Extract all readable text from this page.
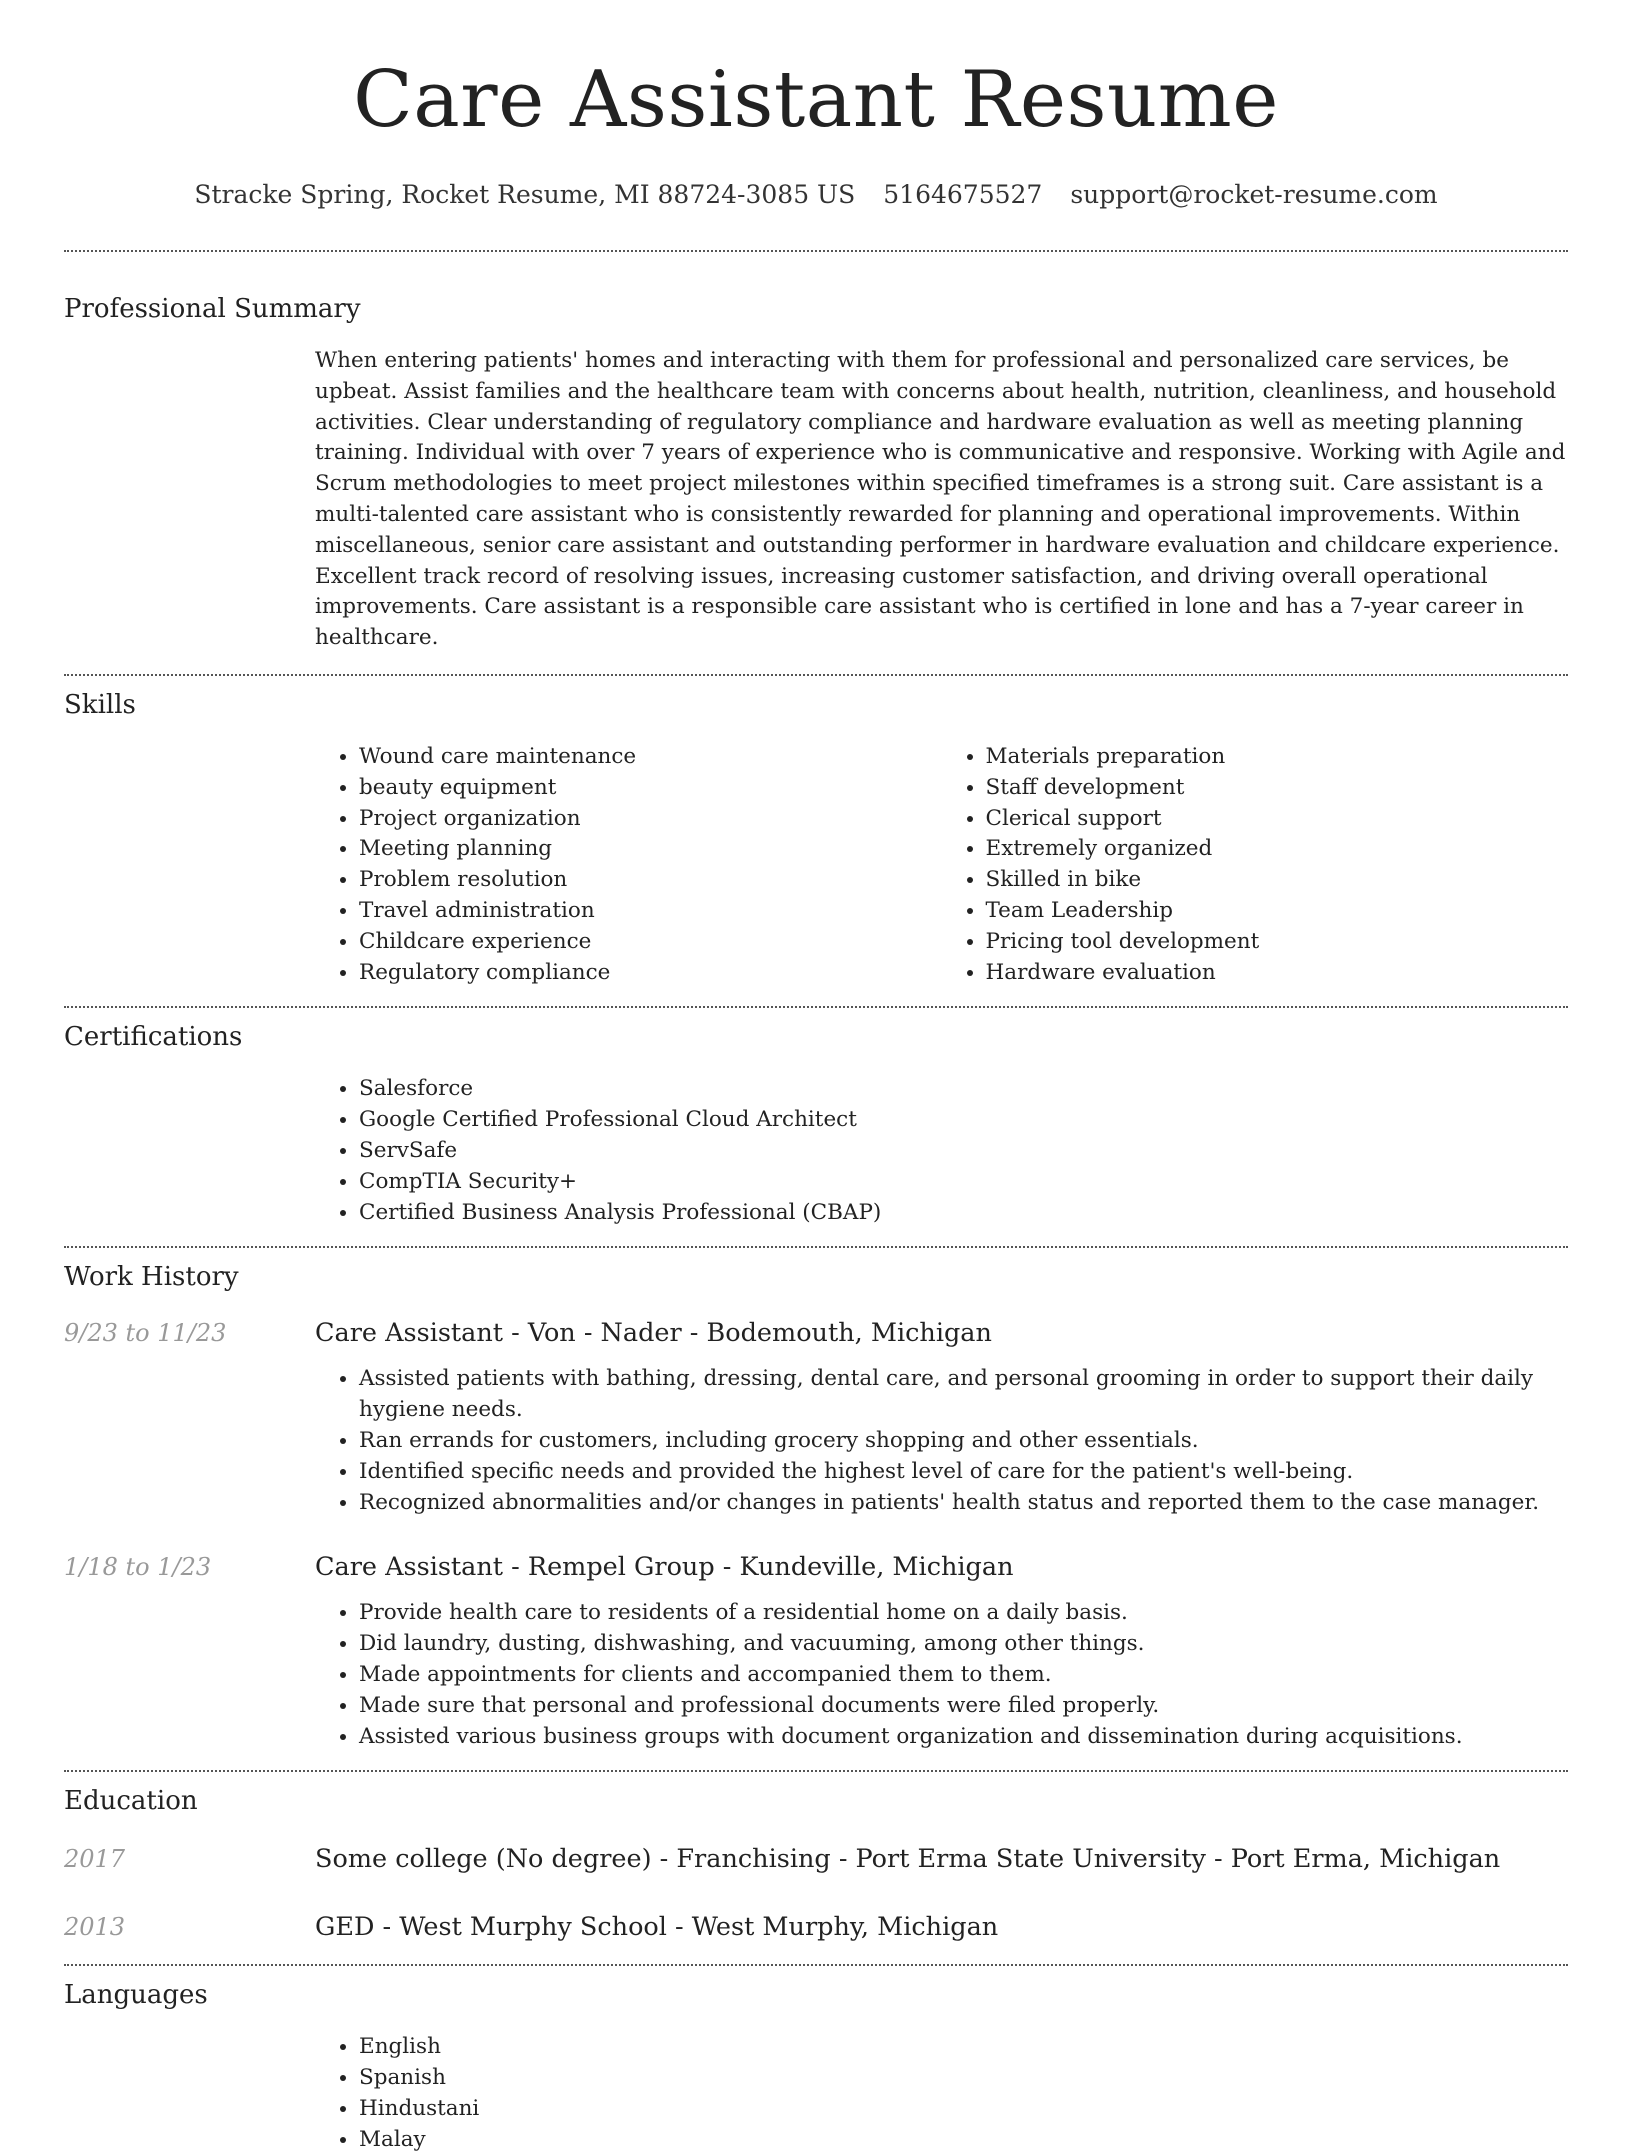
Care Assistant Resume
Stracke Spring, Rocket Resume, MI 88724-3085 US 5164675527 support@rocket-resume.com
Professional Summary

When entering patients' homes and interacting with them for professional and personalized care services, be upbeat. Assist families and the healthcare team with concerns about health, nutrition, cleanliness, and household activities. Clear understanding of regulatory compliance and hardware evaluation as well as meeting planning training. Individual with over 7 years of experience who is communicative and responsive. Working with Agile and Scrum methodologies to meet project milestones within specified timeframes is a strong suit. Care assistant is a multi-talented care assistant who is consistently rewarded for planning and operational improvements. Within miscellaneous, senior care assistant and outstanding performer in hardware evaluation and childcare experience. Excellent track record of resolving issues, increasing customer satisfaction, and driving overall operational improvements. Care assistant is a responsible care assistant who is certified in lone and has a 7-year career in healthcare.

Skills
• Wound care maintenance
• beauty equipment
• Project organization
• Meeting planning
• Problem resolution
• Travel administration
• Childcare experience
• Regulatory compliance
• Materials preparation
• Staff development
• Clerical support
• Extremely organized
• Skilled in bike
• Team Leadership
• Pricing tool development
• Hardware evaluation
Certifications
• Salesforce
• Google Certified Professional Cloud Architect
• ServSafe
• CompTIA Security+
• Certified Business Analysis Professional (CBAP)
Work History
9/23 to 11/23	Care Assistant - Von - Nader - Bodemouth, Michigan
• Assisted patients with bathing, dressing, dental care, and personal grooming in order to support their daily hygiene needs.
• Ran errands for customers, including grocery shopping and other essentials.
• Identified specific needs and provided the highest level of care for the patient's well-being.
• Recognized abnormalities and/or changes in patients' health status and reported them to the case manager.
1/18 to 1/23	Care Assistant - Rempel Group - Kundeville, Michigan
• Provide health care to residents of a residential home on a daily basis.
• Did laundry, dusting, dishwashing, and vacuuming, among other things.
• Made appointments for clients and accompanied them to them.
• Made sure that personal and professional documents were filed properly.
• Assisted various business groups with document organization and dissemination during acquisitions.
Education
2017	Some college (No degree) - Franchising - Port Erma State University - Port Erma, Michigan
2013	GED - West Murphy School - West Murphy, Michigan
Languages
• English
• Spanish
• Hindustani
• Malay
